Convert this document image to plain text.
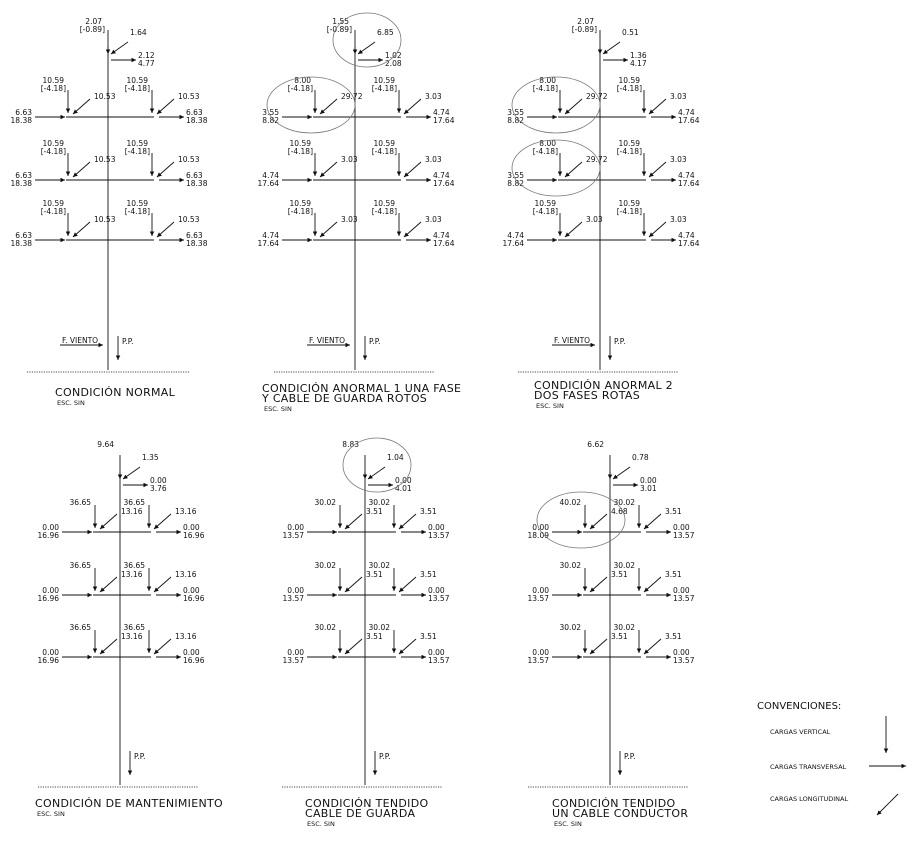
2.07
[-0.89]	1.64
2.12
4.77
10.59
[-4.18]
10.53
6.63
18.38
10.59
[-4.18]
10.53
6.63
18.38
10.59
[-4.18]
10.53
6.63
18.38
10.59
[-4.18]
10.53
6.63
18.38
10.59
[-4.18]
10.53
6.63
18.38
10.59
[-4.18]
10.53
6.63
18.38
F. VIENTO	P.P.
CONDICIÓN NORMAL
ESC. SIN
1.55
[-0.89]	6.85
1.02
2.08
8.00
[-4.18]
29.72
3.55
8.82
10.59
[-4.18]
3.03
4.74
17.64
10.59
[-4.18]
3.03
4.74
17.64
10.59
[-4.18]
3.03
4.74
17.64
10.59
[-4.18]
3.03
4.74
17.64
10.59
[-4.18]
3.03
4.74
17.64
F. VIENTO	P.P.
CONDICIÓN ANORMAL 1 UNA FASE
Y CABLE DE GUARDA ROTOS
ESC. SIN
2.07
[-0.89]	0.51
1.36
4.17
8.00
[-4.18]
29.72
3.55
8.82
10.59
[-4.18]
3.03
4.74
17.64
8.00
[-4.18]
29.72
3.55
8.82
10.59
[-4.18]
3.03
4.74
17.64
10.59
[-4.18]
3.03
4.74
17.64
10.59
[-4.18]
3.03
4.74
17.64
F. VIENTO	P.P.
CONDICIÓN ANORMAL 2
DOS FASES ROTAS
ESC. SIN
9.64
1.35
0.00
3.76
36.65
13.16
0.00
16.96
36.65
13.16
0.00
16.96
36.65
13.16
0.00
16.96
36.65
13.16
0.00
16.96
36.65
13.16
0.00
16.96
36.65
13.16
0.00
16.96
P.P.
CONDICIÓN DE MANTENIMIENTO
ESC. SIN
8.83
1.04
0.00
4.01
30.02
3.51
0.00
13.57
30.02
3.51
0.00
13.57
30.02
3.51
0.00
13.57
30.02
3.51
0.00
13.57
30.02
3.51
0.00
13.57
30.02
3.51
0.00
13.57
P.P.
CONDICIÓN TENDIDO
CABLE DE GUARDA
ESC. SIN
6.62
0.78
0.00
3.01
40.02
4.68
0.00
18.09
30.02
3.51
0.00
13.57
30.02
3.51
0.00
13.57
30.02
3.51
0.00
13.57
30.02
3.51
0.00
13.57
30.02
3.51
0.00
13.57
P.P.
CONDICIÓN TENDIDO
UN CABLE CONDUCTOR
ESC. SIN
CONVENCIONES:
CARGAS VERTICAL
CARGAS TRANSVERSAL
CARGAS LONGITUDINAL
